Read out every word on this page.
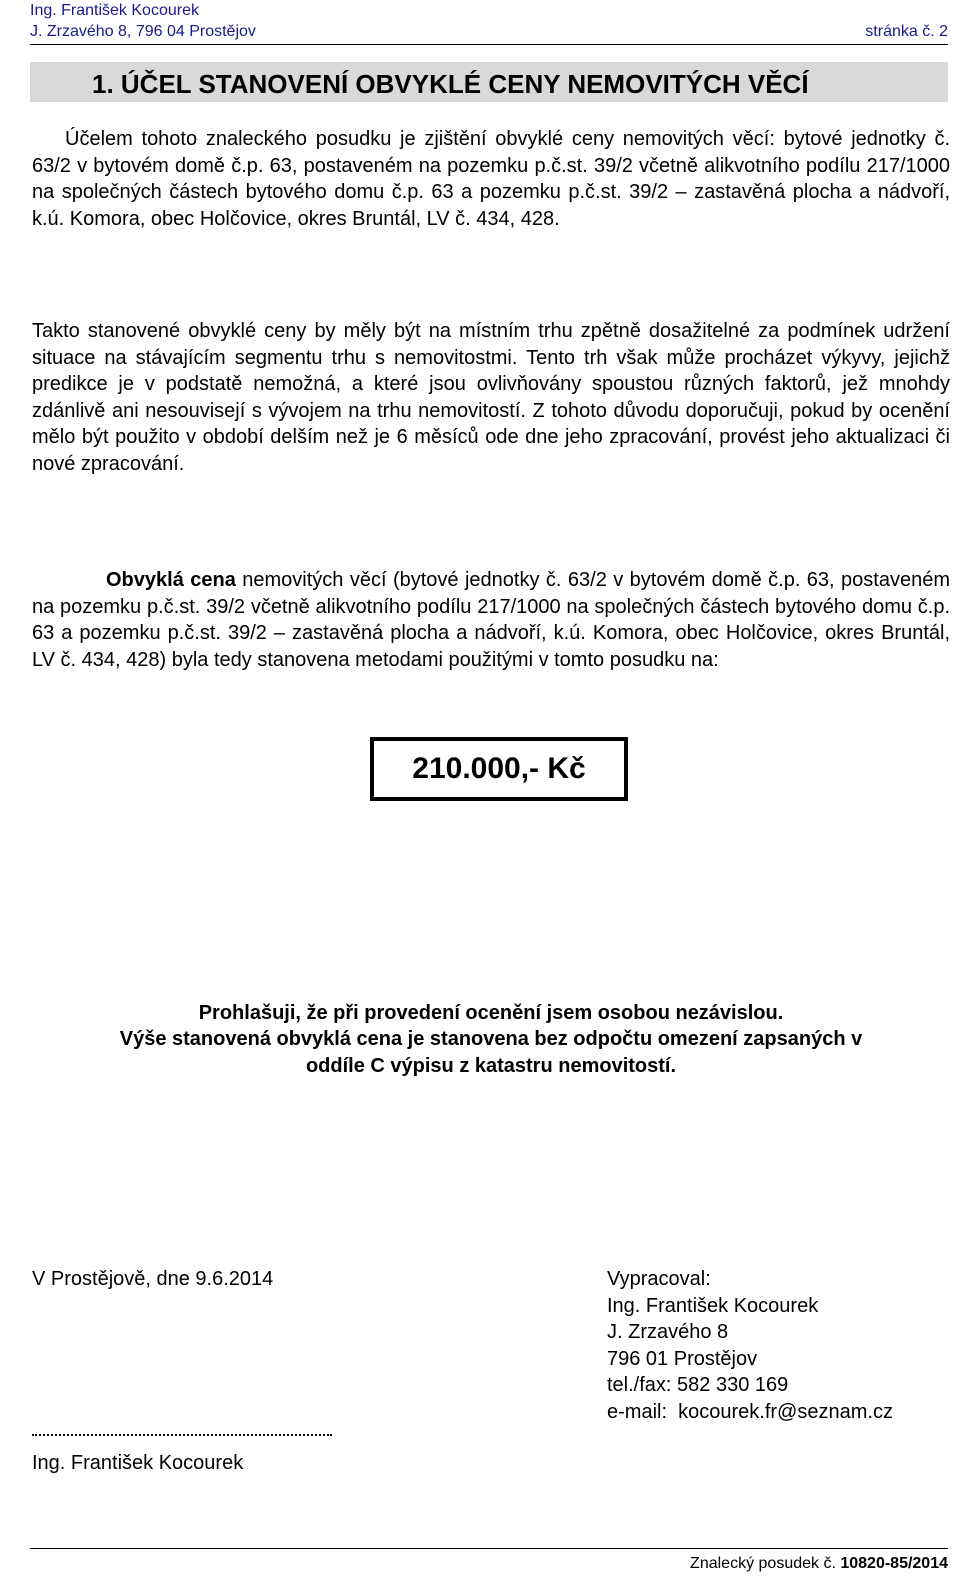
Ing. František Kocourek
J. Zrzavého 8, 796 04 Prostějov	stránka č. 2
1. ÚČEL STANOVENÍ OBVYKLÉ CENY NEMOVITÝCH VĚCÍ

Účelem tohoto znaleckého posudku je zjištění obvyklé ceny nemovitých věcí: bytové jednotky č. 63/2 v bytovém domě č.p. 63, postaveném na pozemku p.č.st. 39/2 včetně alikvotního podílu 217/1000 na společných částech bytového domu č.p. 63 a pozemku p.č.st. 39/2 – zastavěná plocha a nádvoří, k.ú. Komora, obec Holčovice, okres Bruntál, LV č. 434, 428.

Takto stanovené obvyklé ceny by měly být na místním trhu zpětně dosažitelné za podmínek udržení situace na stávajícím segmentu trhu s nemovitostmi. Tento trh však může procházet výkyvy, jejichž predikce je v podstatě nemožná, a které jsou ovlivňovány spoustou různých faktorů, jež mnohdy zdánlivě ani nesouvisejí s vývojem na trhu nemovitostí. Z tohoto důvodu doporučuji, pokud by ocenění mělo být použito v období delším než je 6 měsíců ode dne jeho zpracování, provést jeho aktualizaci či nové zpracování.

Obvyklá cena nemovitých věcí (bytové jednotky č. 63/2 v bytovém domě č.p. 63, postaveném na pozemku p.č.st. 39/2 včetně alikvotního podílu 217/1000 na společných částech bytového domu č.p. 63 a pozemku p.č.st. 39/2 – zastavěná plocha a nádvoří, k.ú. Komora, obec Holčovice, okres Bruntál, LV č. 434, 428) byla tedy stanovena metodami použitými v tomto posudku na:

210.000,- Kč
Prohlašuji, že při provedení ocenění jsem osobou nezávislou.
Výše stanovená obvyklá cena je stanovena bez odpočtu omezení zapsaných v
oddíle C výpisu z katastru nemovitostí.
V Prostějově, dne 9.6.2014	Vypracoval:
Ing. František Kocourek
J. Zrzavého 8
796 01 Prostějov
tel./fax: 582 330 169
e-mail:  kocourek.fr@seznam.cz
Ing. František Kocourek
Znalecký posudek č. 10820-85/2014
